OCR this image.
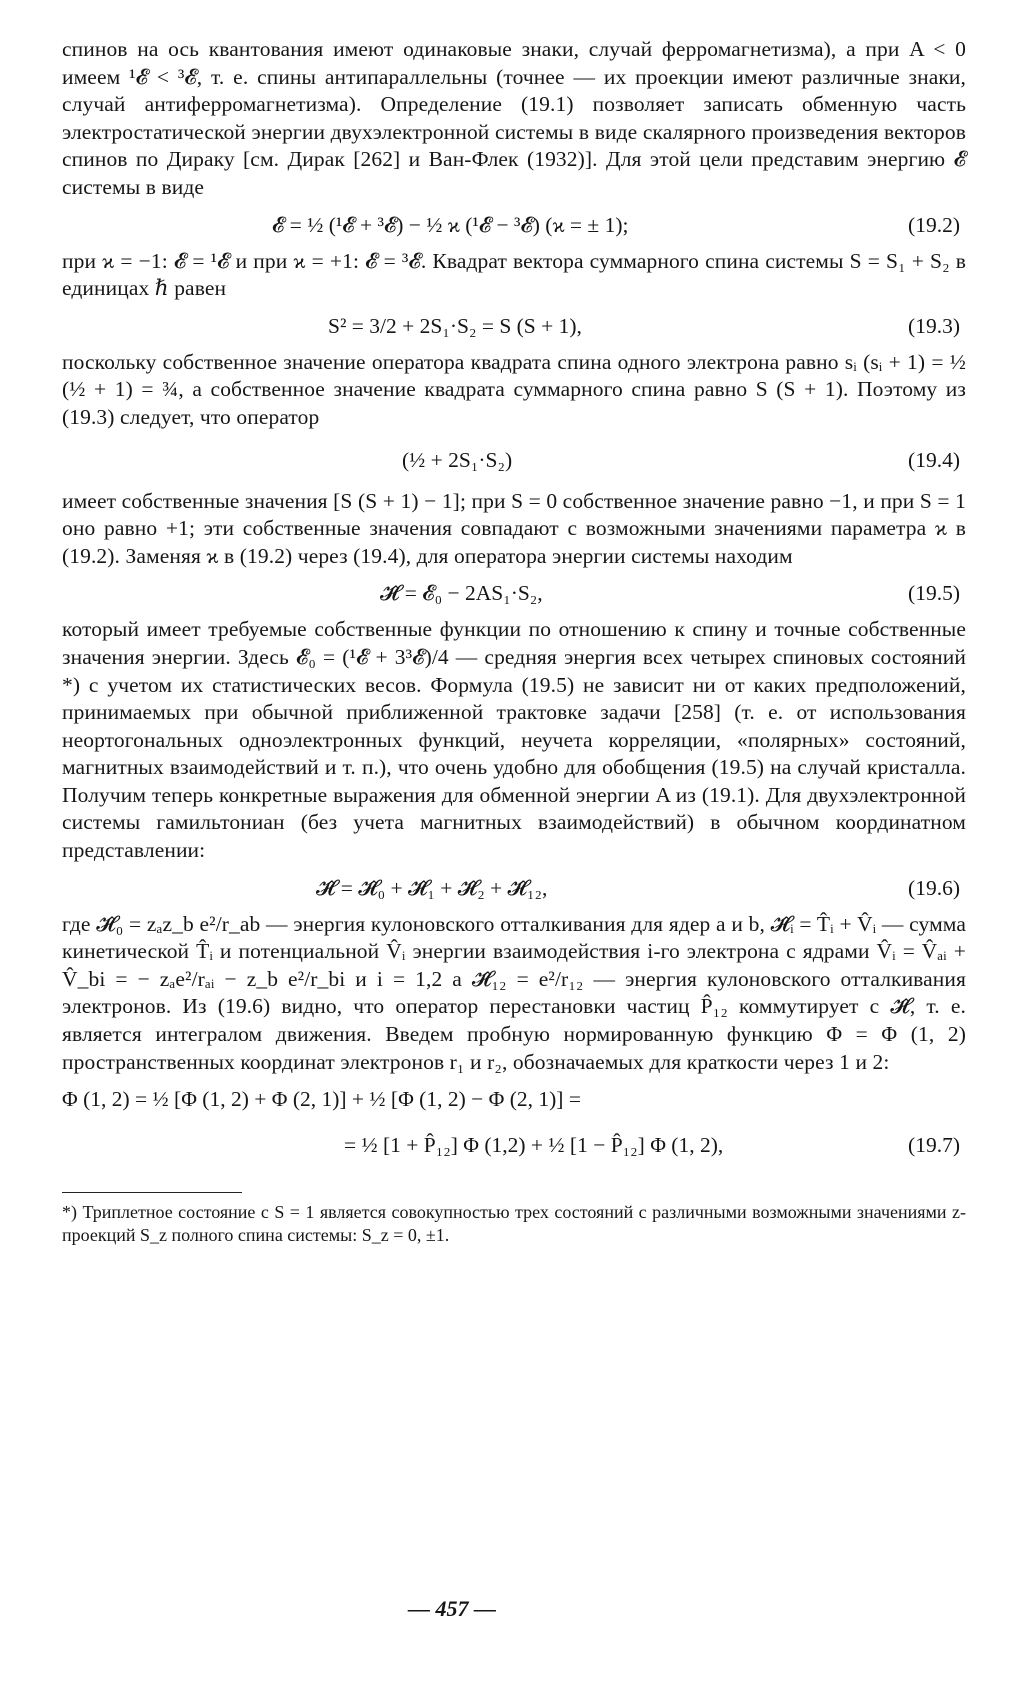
спинов на ось квантования имеют одинаковые знаки, случай ферромагнетизма), а при A < 0 имеем ¹𝓔 < ³𝓔, т. е. спины антипараллельны (точнее — их проекции имеют различные знаки, случай антиферромагнетизма). Определение (19.1) позволяет записать обменную часть электростатической энергии двухэлектронной системы в виде скалярного произведения векторов спинов по Дираку [см. Дирак [262] и Ван-Флек (1932)]. Для этой цели представим энергию 𝓔 системы в виде

𝓔 = ½ (¹𝓔 + ³𝓔) − ½ ϰ (¹𝓔 − ³𝓔) (ϰ = ± 1);	(19.2)

при ϰ = −1: 𝓔 = ¹𝓔 и при ϰ = +1: 𝓔 = ³𝓔. Квадрат вектора суммарного спина системы S = S₁ + S₂ в единицах ℏ равен

S² = 3/2 + 2S₁·S₂ = S (S + 1),	(19.3)

поскольку собственное значение оператора квадрата спина одного электрона равно sᵢ (sᵢ + 1) = ½ (½ + 1) = ¾, а собственное значение квадрата суммарного спина равно S (S + 1). Поэтому из (19.3) следует, что оператор

(½ + 2S₁·S₂)	(19.4)

имеет собственные значения [S (S + 1) − 1]; при S = 0 собственное значение равно −1, и при S = 1 оно равно +1; эти собственные значения совпадают с возможными значениями параметра ϰ в (19.2). Заменяя ϰ в (19.2) через (19.4), для оператора энергии системы находим

𝓗̂ = 𝓔₀ − 2AS₁·S₂,	(19.5)

который имеет требуемые собственные функции по отношению к спину и точные собственные значения энергии. Здесь 𝓔₀ = (¹𝓔 + 3³𝓔)/4 — средняя энергия всех четырех спиновых состояний *) с учетом их статистических весов. Формула (19.5) не зависит ни от каких предположений, принимаемых при обычной приближенной трактовке задачи [258] (т. е. от использования неортогональных одноэлектронных функций, неучета корреляции, «полярных» состояний, магнитных взаимодействий и т. п.), что очень удобно для обобщения (19.5) на случай кристалла. Получим теперь конкретные выражения для обменной энергии A из (19.1). Для двухэлектронной системы гамильтониан (без учета магнитных взаимодействий) в обычном координатном представлении:

𝓗̂ = 𝓗̂₀ + 𝓗̂₁ + 𝓗̂₂ + 𝓗̂₁₂,	(19.6)

где 𝓗̂₀ = zₐz_b e²/r_ab — энергия кулоновского отталкивания для ядер a и b, 𝓗̂ᵢ = T̂ᵢ + V̂ᵢ — сумма кинетической T̂ᵢ и потенциальной V̂ᵢ энергии взаимодействия i-го электрона с ядрами V̂ᵢ = V̂ₐᵢ + V̂_bi = − zₐe²/rₐᵢ − z_b e²/r_bi и i = 1,2 а 𝓗̂₁₂ = e²/r₁₂ — энергия кулоновского отталкивания электронов. Из (19.6) видно, что оператор перестановки частиц P̂₁₂ коммутирует с 𝓗̂, т. е. является интегралом движения. Введем пробную нормированную функцию Φ = Φ (1, 2) пространственных координат электронов r₁ и r₂, обозначаемых для краткости через 1 и 2:

Φ (1, 2) = ½ [Φ (1, 2) + Φ (2, 1)] + ½ [Φ (1, 2) − Φ (2, 1)] =
= ½ [1 + P̂₁₂] Φ (1,2) + ½ [1 − P̂₁₂] Φ (1, 2),	(19.7)

*) Триплетное состояние с S = 1 является совокупностью трех состояний с различными возможными значениями z-проекций S_z полного спина системы: S_z = 0, ±1.

— 457 —
